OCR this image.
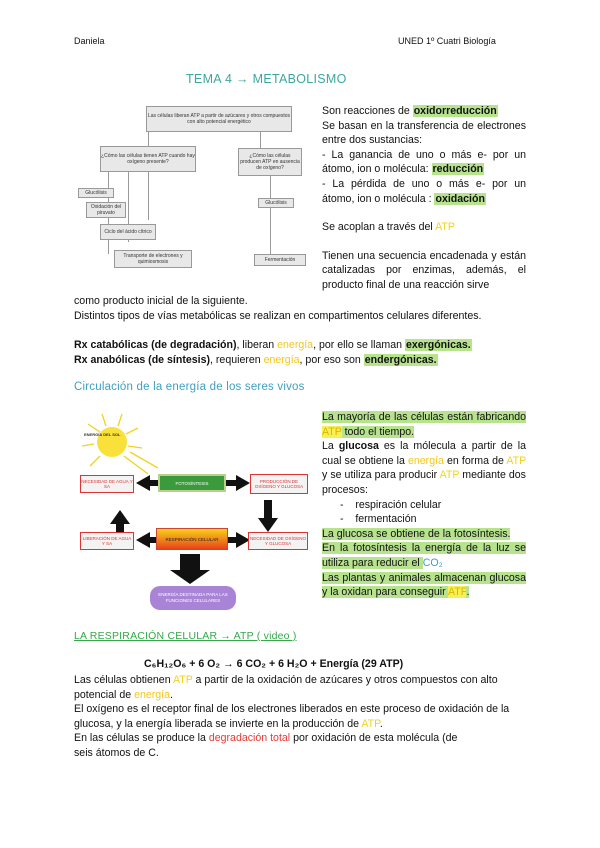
Daniela	UNED 1º Cuatri Biología
TEMA 4 → METABOLISMO
Las células liberan ATP a partir de azúcares y otros compuestos con alto potencial energético
¿Cómo las células tienen ATP cuando hay oxígeno presente?
¿Cómo las células producen ATP en ausencia de oxígeno?
Glucólisis
Oxidación del piruvato
Ciclo del ácido cítrico
Transporte de electrones y quimiosmosis
Glucólisis
Fermentación
Son reacciones de oxidorreducción
Se basan en la transferencia de electrones entre dos sustancias:
- La ganancia de uno o más e- por un átomo, ion o molécula: reducción
- La pérdida de uno o más e- por un átomo, ion o molécula : oxidación
Se acoplan a través del ATP
Tienen una secuencia encadenada y están catalizadas por enzimas, además, el producto final de una reacción sirve
como producto inicial de la siguiente.
Distintos tipos de vías metabólicas se realizan en compartimentos celulares diferentes.
Rx catabólicas (de degradación), liberan energía, por ello se llaman exergónicas.
Rx anabólicas (de síntesis), requieren energía, por eso son endergónicas.
Circulación de la energía de los seres vivos
ENERGÍA DEL SOL
NECESIDAD DE AGUA Y SA
FOTOSÍNTESIS	PRODUCCIÓN DE OXÍGENO Y GLUCOSA
LIBERACIÓN DE AGUA Y SA
RESPIRACIÓN CELULAR	NECESIDAD DE OXÍGENO Y GLUCOSA
ENERGÍA DESTINADA PARA LAS FUNCIONES CELULARES
La mayoría de las células están fabricando ATP todo el tiempo.
La glucosa es la mólecula a partir de la cual se obtiene la energía en forma de ATP y se utiliza para producir ATP mediante dos procesos:
-    respiración celular
-    fermentación
La glucosa se obtiene de la fotosíntesis.
En la fotosíntesis la energía de la luz se utiliza para reducir el CO₂
Las plantas y animales almacenan glucosa y la oxidan para conseguir ATP.
LA RESPIRACIÓN CELULAR → ATP ( video )
C₆H₁₂O₆ + 6 O₂ → 6 CO₂ + 6 H₂O + Energía (29 ATP)
Las células obtienen ATP a partir de la oxidación de azúcares y otros compuestos con alto potencial de energía.
El oxígeno es el receptor final de los electrones liberados en este proceso de oxidación de la glucosa, y la energía liberada se invierte en la producción de ATP.
En las células se produce la degradación total por oxidación de esta molécula (de
seis átomos de C.
